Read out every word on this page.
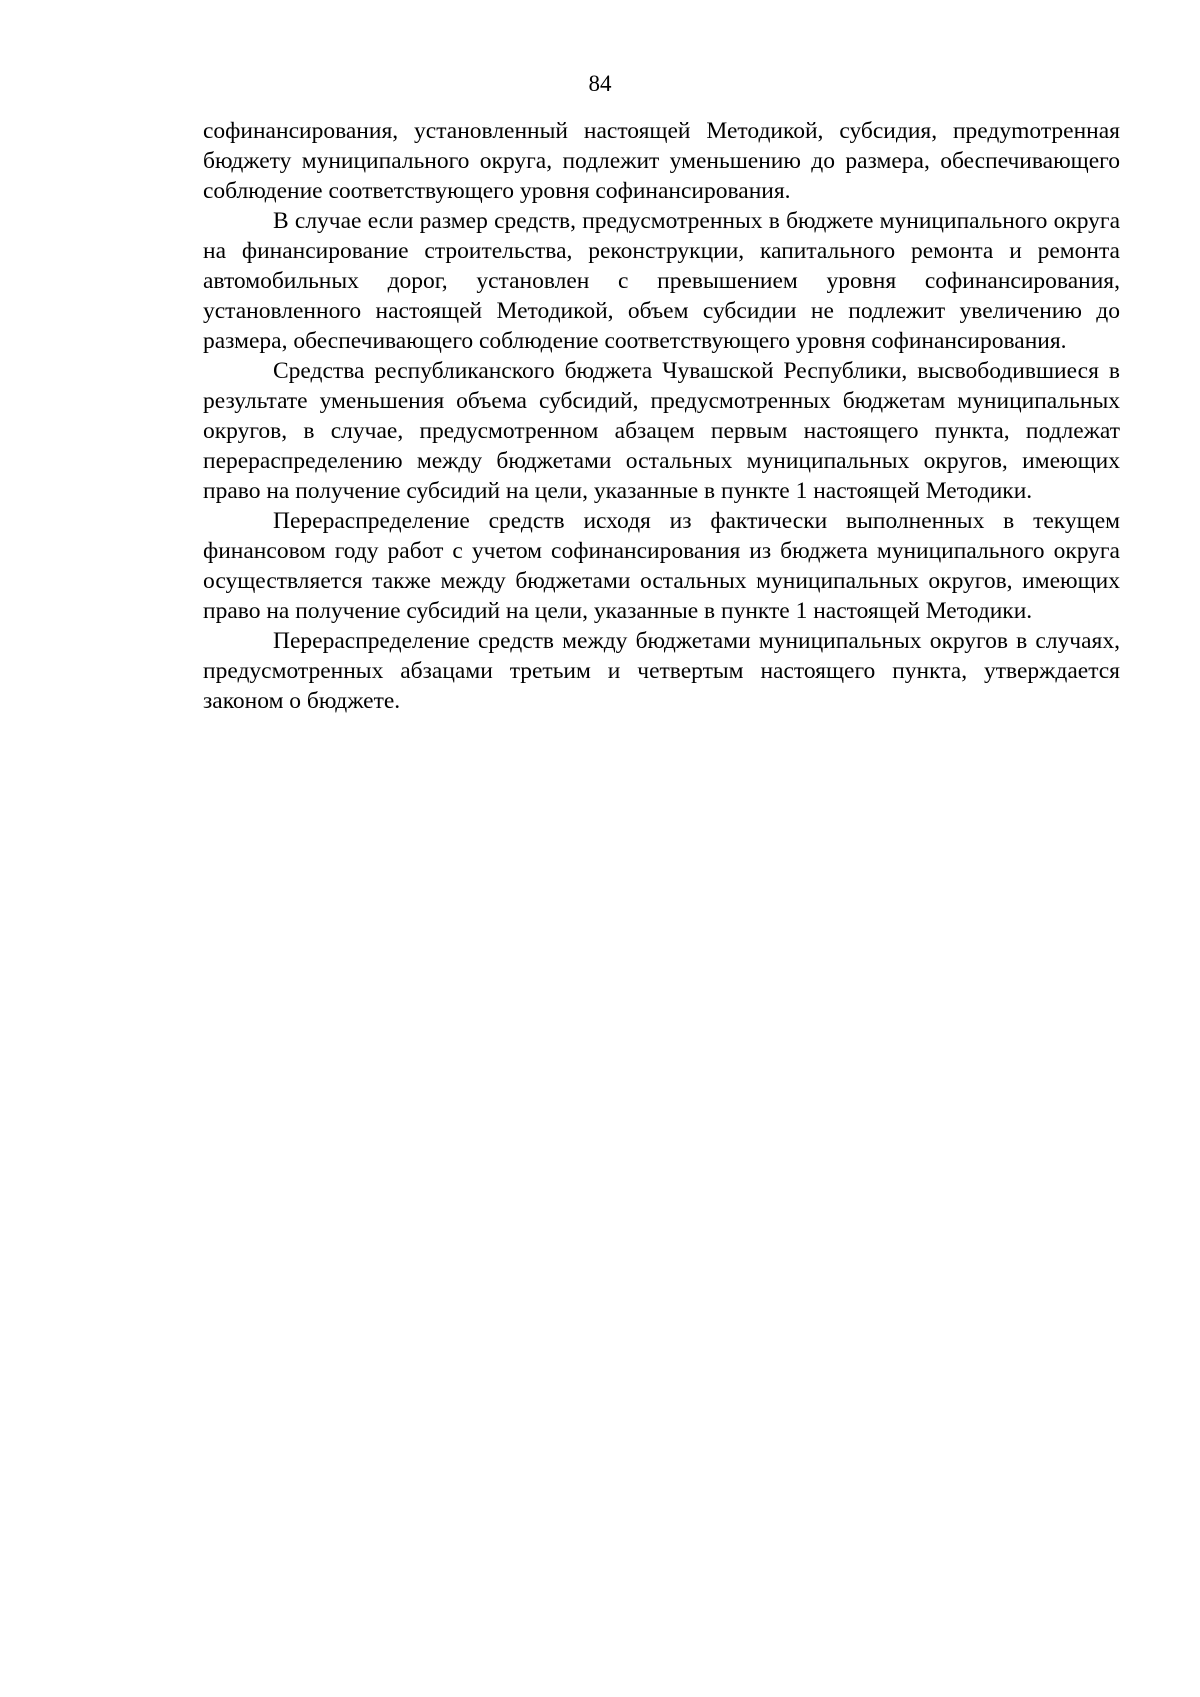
84

софинансирования, установленный настоящей Методикой, субсидия, предуmотренная бюджету муниципального округа, подлежит уменьшению до размера, обеспечивающего соблюдение соответствующего уровня софинансирования.

В случае если размер средств, предусмотренных в бюджете муниципального округа на финансирование строительства, реконструкции, капитального ремонта и ремонта автомобильных дорог, установлен с превышением уровня софинансирования, установленного настоящей Методикой, объем субсидии не подлежит увеличению до размера, обеспечивающего соблюдение соответствующего уровня софинансирования.

Средства республиканского бюджета Чувашской Республики, высвободившиеся в результате уменьшения объема субсидий, предусмотренных бюджетам муниципальных округов, в случае, предусмотренном абзацем первым настоящего пункта, подлежат перераспределению между бюджетами остальных муниципальных округов, имеющих право на получение субсидий на цели, указанные в пункте 1 настоящей Методики.

Перераспределение средств исходя из фактически выполненных в текущем финансовом году работ с учетом софинансирования из бюджета муниципального округа осуществляется также между бюджетами остальных муниципальных округов, имеющих право на получение субсидий на цели, указанные в пункте 1 настоящей Методики.

Перераспределение средств между бюджетами муниципальных округов в случаях, предусмотренных абзацами третьим и четвертым настоящего пункта, утверждается законом о бюджете.
